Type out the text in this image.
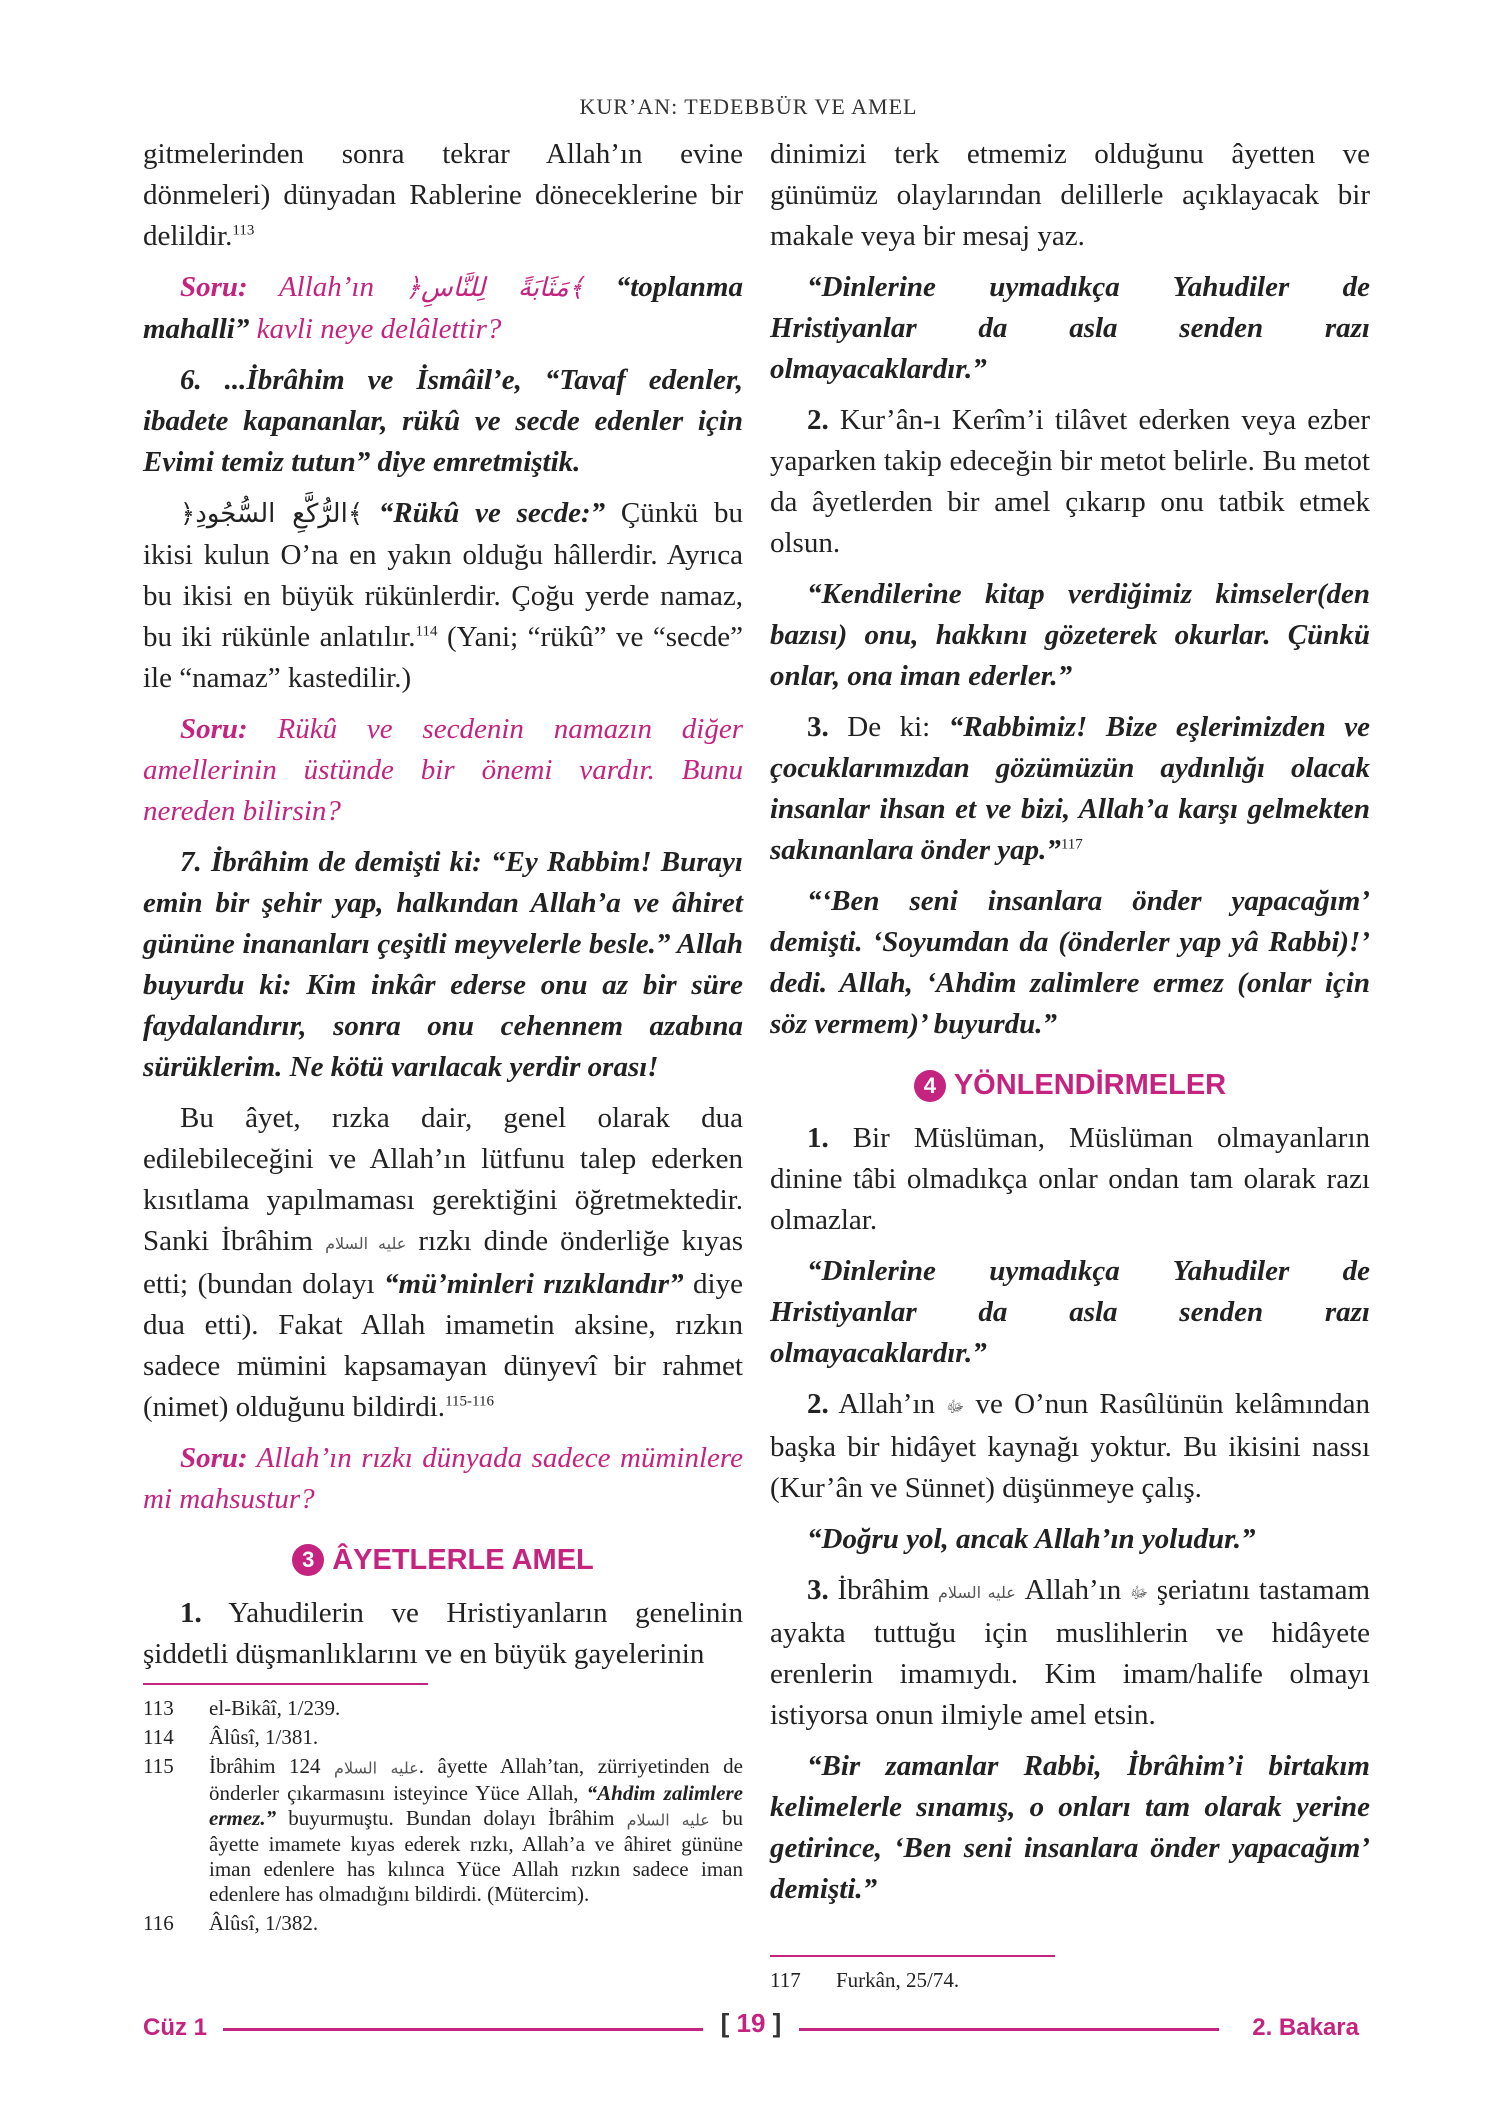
KUR’AN: TEDEBBÜR VE AMEL

gitmelerinden sonra tekrar Allah’ın evine dönmeleri) dünyadan Rablerine döneceklerine bir delildir.$^{113}$

Soru: Allah’ın ﴿مَثَابَةً لِلنَّاسِ﴾ “toplanma mahalli” kavli neye delâlettir?

6. ...İbrâhim ve İsmâil’e, “Tavaf edenler, ibadete kapananlar, rükû ve secde edenler için Evimi temiz tutun” diye emretmiştik.

﴿الرُّكَّعِ السُّجُودِ﴾ “Rükû ve secde:” Çünkü bu ikisi kulun O’na en yakın olduğu hâllerdir. Ayrıca bu ikisi en büyük rükünlerdir. Çoğu yerde namaz, bu iki rükünle anlatılır.$^{114}$ (Yani; “rükû” ve “secde” ile “namaz” kastedilir.)

Soru: Rükû ve secdenin namazın diğer amellerinin üstünde bir önemi vardır. Bunu nereden bilirsin?

7. İbrâhim de demişti ki: “Ey Rabbim! Burayı emin bir şehir yap, halkından Allah’a ve âhiret gününe inananları çeşitli meyvelerle besle.” Allah buyurdu ki: Kim inkâr ederse onu az bir süre faydalandırır, sonra onu cehennem azabına sürüklerim. Ne kötü varılacak yerdir orası!

Bu âyet, rızka dair, genel olarak dua edilebileceğini ve Allah’ın lütfunu talep ederken kısıtlama yapılmaması gerektiğini öğretmektedir. Sanki İbrâhim عليه السلام rızkı dinde önderliğe kıyas etti; (bundan dolayı “mü’minleri rızıklandır” diye dua etti). Fakat Allah imametin aksine, rızkın sadece mümini kapsamayan dünyevî bir rahmet (nimet) olduğunu bildirdi.$^{115-116}$

Soru: Allah’ın rızkı dünyada sadece müminlere mi mahsustur?

3 ÂYETLERLE AMEL

1. Yahudilerin ve Hristiyanların genelinin şiddetli düşmanlıklarını ve en büyük gayelerinin

dinimizi terk etmemiz olduğunu âyetten ve günümüz olaylarından delillerle açıklayacak bir makale veya bir mesaj yaz.

“Dinlerine uymadıkça Yahudiler de Hristiyanlar da asla senden razı olmayacaklardır.”

2. Kur’ân-ı Kerîm’i tilâvet ederken veya ezber yaparken takip edeceğin bir metot belirle. Bu metot da âyetlerden bir amel çıkarıp onu tatbik etmek olsun.

“Kendilerine kitap verdiğimiz kimseler(den bazısı) onu, hakkını gözeterek okurlar. Çünkü onlar, ona iman ederler.”

3. De ki: “Rabbimiz! Bize eşlerimizden ve çocuklarımızdan gözümüzün aydınlığı olacak insanlar ihsan et ve bizi, Allah’a karşı gelmekten sakınanlara önder yap.”$^{117}$

“‘Ben seni insanlara önder yapacağım’ demişti. ‘Soyumdan da (önderler yap yâ Rabbi)!’ dedi. Allah, ‘Ahdim zalimlere ermez (onlar için söz vermem)’ buyurdu.”

4 YÖNLENDİRMELER

1. Bir Müslüman, Müslüman olmayanların dinine tâbi olmadıkça onlar ondan tam olarak razı olmazlar.

“Dinlerine uymadıkça Yahudiler de Hristiyanlar da asla senden razı olmayacaklardır.”

2. Allah’ın ﷻ ve O’nun Rasûlünün kelâmından başka bir hidâyet kaynağı yoktur. Bu ikisini nassı (Kur’ân ve Sünnet) düşünmeye çalış.

“Doğru yol, ancak Allah’ın yoludur.”

3. İbrâhim عليه السلام Allah’ın ﷻ şeriatını tastamam ayakta tuttuğu için muslihlerin ve hidâyete erenlerin imamıydı. Kim imam/halife olmayı istiyorsa onun ilmiyle amel etsin.

“Bir zamanlar Rabbi, İbrâhim’i birtakım kelimelerle sınamış, o onları tam olarak yerine getirince, ‘Ben seni insanlara önder yapacağım’ demişti.”

113	el-Bikâî, 1/239.
114	Âlûsî, 1/381.
115	İbrâhim	عليه السلام 124. âyette Allah’tan, zürriyetinden de önderler çıkarmasını isteyince Yüce Allah, “Ahdim zalimlere ermez.” buyurmuştu. Bundan dolayı İbrâhim عليه السلام bu âyette imamete kıyas ederek rızkı, Allah’a ve âhiret gününe iman edenlere has kılınca Yüce Allah rızkın sadece iman edenlere has olmadığını bildirdi. (Mütercim).
116	Âlûsî, 1/382.
117	Furkân, 25/74.
Cüz 1	[ 19 ]	2. Bakara
